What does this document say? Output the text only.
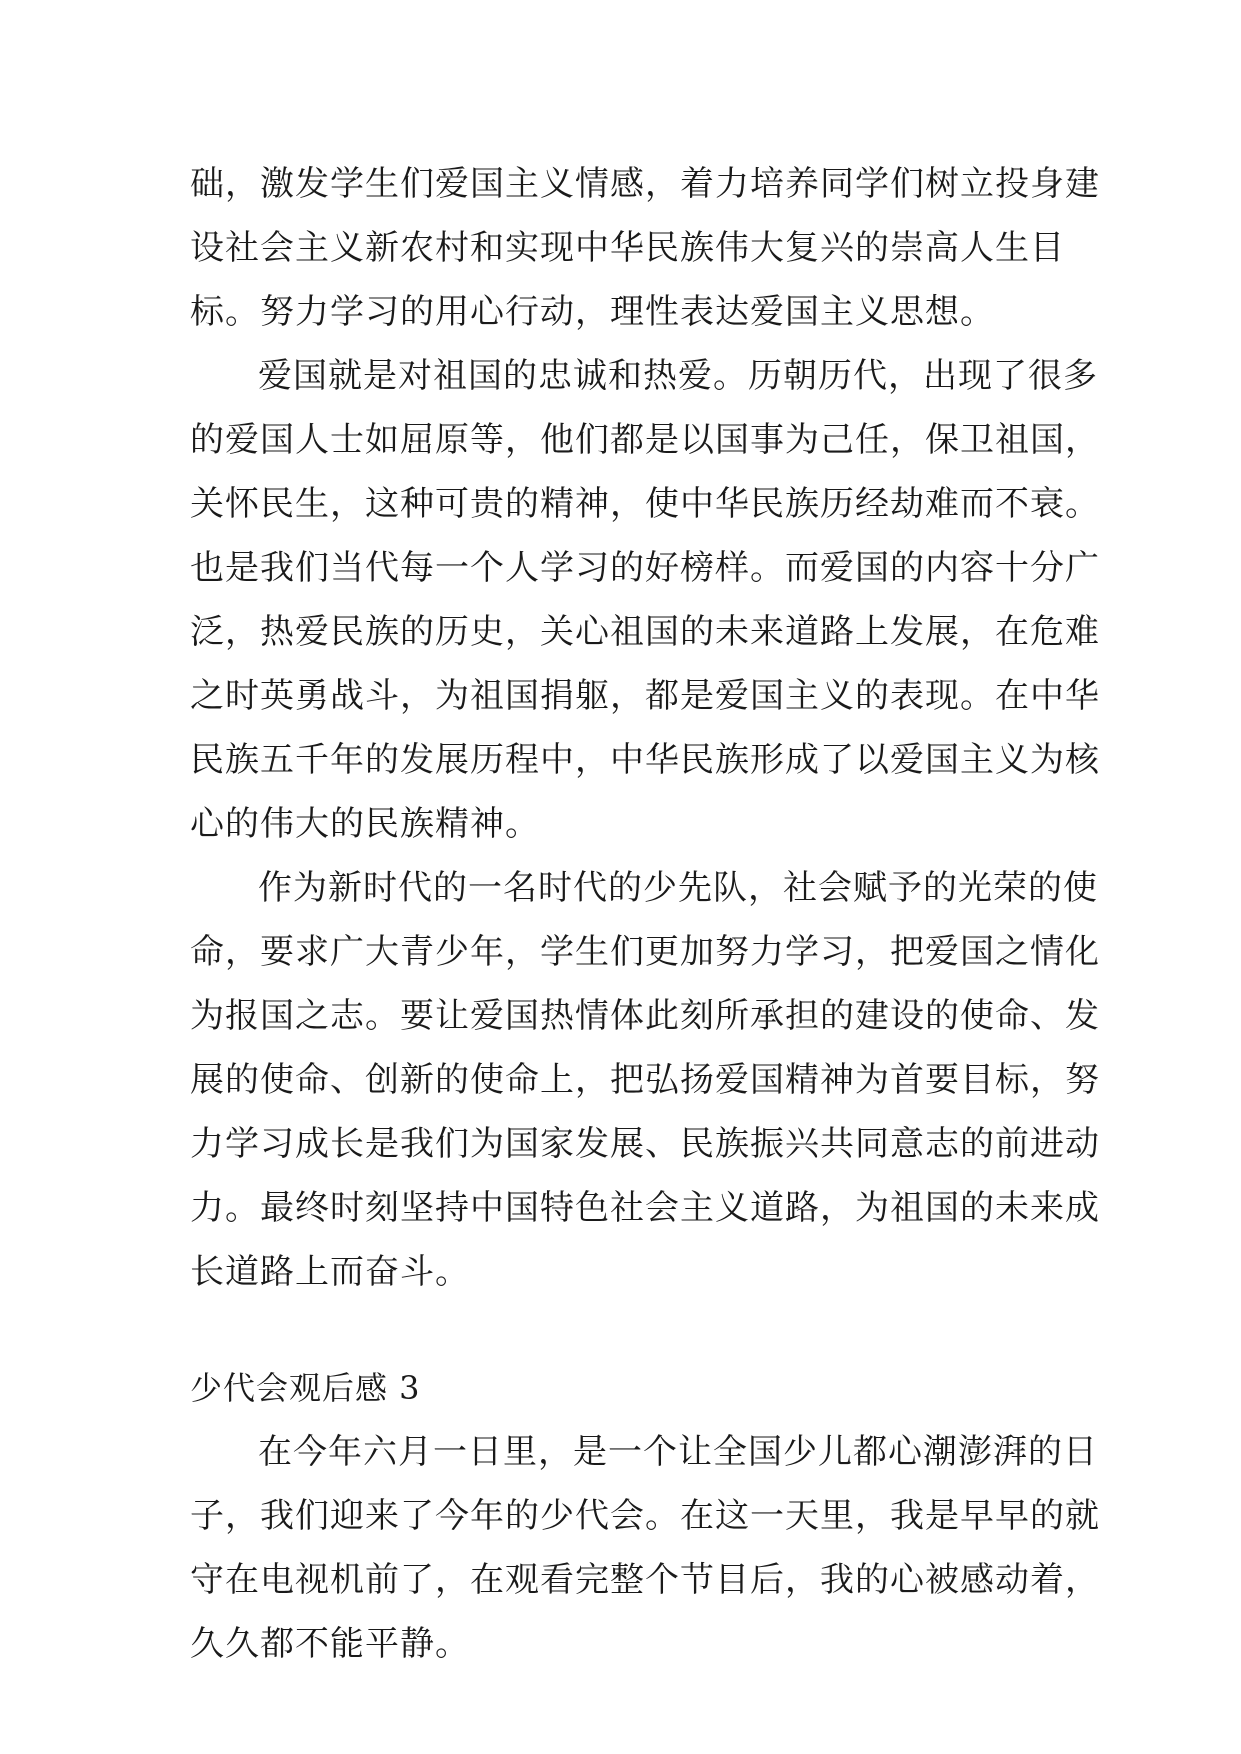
础，激发学生们爱国主义情感，着力培养同学们树立投身建
设社会主义新农村和实现中华民族伟大复兴的崇高人生目
标。努力学习的用心行动，理性表达爱国主义思想。
爱国就是对祖国的忠诚和热爱。历朝历代，出现了很多
的爱国人士如屈原等，他们都是以国事为己任，保卫祖国，
关怀民生，这种可贵的精神，使中华民族历经劫难而不衰。
也是我们当代每一个人学习的好榜样。而爱国的内容十分广
泛，热爱民族的历史，关心祖国的未来道路上发展，在危难
之时英勇战斗，为祖国捐躯，都是爱国主义的表现。在中华
民族五千年的发展历程中，中华民族形成了以爱国主义为核
心的伟大的民族精神。
作为新时代的一名时代的少先队，社会赋予的光荣的使
命，要求广大青少年，学生们更加努力学习，把爱国之情化
为报国之志。要让爱国热情体此刻所承担的建设的使命、发
展的使命、创新的使命上，把弘扬爱国精神为首要目标，努
力学习成长是我们为国家发展、民族振兴共同意志的前进动
力。最终时刻坚持中国特色社会主义道路，为祖国的未来成
长道路上而奋斗。
少代会观后感 3
在今年六月一日里，是一个让全国少儿都心潮澎湃的日
子，我们迎来了今年的少代会。在这一天里，我是早早的就
守在电视机前了，在观看完整个节目后，我的心被感动着，
久久都不能平静。
